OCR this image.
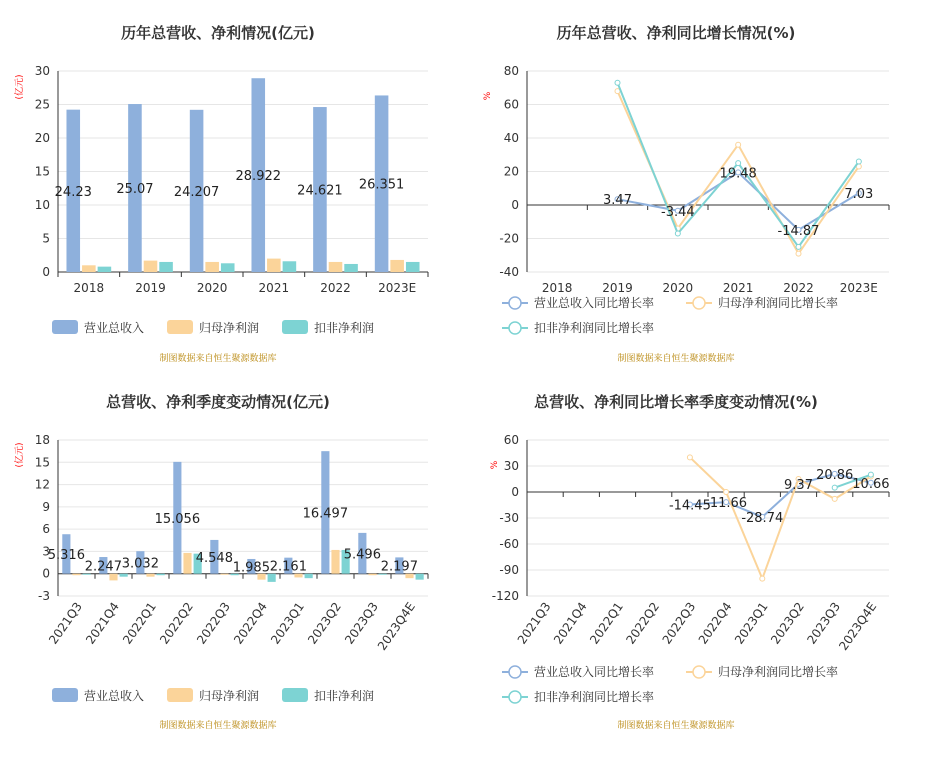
历年总营收、净利情况(亿元)
(亿元)
0
5
10
15
20
25
30
2018	2019	2020	2021	2022 2023E
24.23 25.07 24.207
28.922
24.621 26.351
营业总收入	归母净利润	扣非净利润
制图数据来自恒生聚源数据库
历年总营收、净利同比增长情况(%)
%
-40
-20
0
20
40
60
80
2018 2019 2020 2021 2022 2023E
3.47
-3.44
19.48
-14.87
7.03
营业总收入同比增长率	归母净利润同比增长率
扣非净利润同比增长率
制图数据来自恒生聚源数据库
总营收、净利季度变动情况(亿元)
(亿元)
-3
0
3
6
9
12
15
18
2021Q3
2021Q4
2022Q1
2022Q2
2022Q3
2022Q4
2023Q1
2023Q2
2023Q3
2023Q4E
5.316
2.247 3.032
15.056
4.548
1.985 2.161
16.497
5.496
2.197
营业总收入	归母净利润	扣非净利润
制图数据来自恒生聚源数据库
总营收、净利同比增长率季度变动情况(%)
%
-120
-90
-60
-30
0
30
60
2021Q3
2021Q4
2022Q1
2022Q2
2022Q3
2022Q4
2023Q1
2023Q2
2023Q3
2023Q4E
-14.45
-11.66
-28.74
9.37
20.86
10.66
营业总收入同比增长率	归母净利润同比增长率
扣非净利润同比增长率
制图数据来自恒生聚源数据库
